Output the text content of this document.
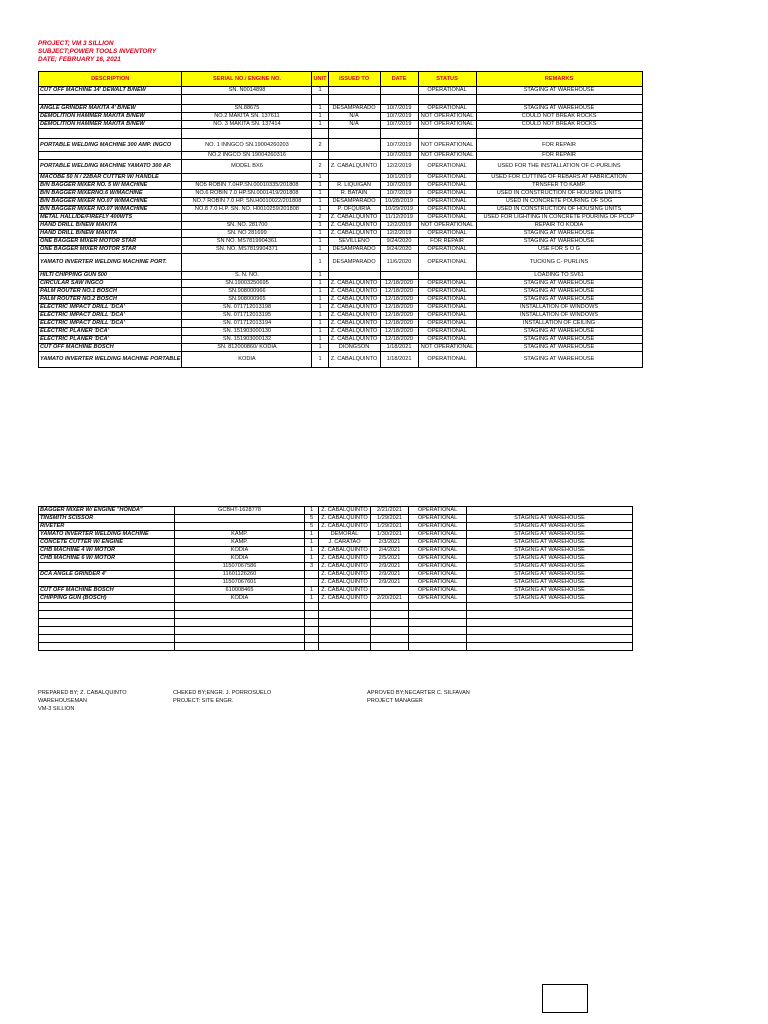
PROJECT; VM 3 SILLION
SUBJECT;POWER TOOLS INVENTORY
DATE; FEBRUARY 16, 2021
DESCRIPTION	SERIAL NO./ ENGINE NO.	UNIT	ISSUED TO	DATE	STATUS	REMARKS
CUT OFF MACHINE 14' DEWALT B/NEW	SN. N0014898	1			OPERATIONAL	STAGING AT WAREHOUSE

ANGLE GRINDER MAKITA 4' B/NEW	SN.88675	1	DESAMPARADO	10/7/2019	OPERATIONAL	STAGING AT WAREHOUSE
DEMOLITION HAMMER MAKITA B/NEW	NO.2 MAKITA SN. 137611	1	N/A	10/7/2019	NOT OPERATIONAL	COULD NOT BREAK ROCKS
DEMOLITION HAMMER MAKITA B/NEW	NO. 3 MAKITA SN. 137414	1	N/A	10/7/2019	NOT OPERATIONAL	COULD NOT BREAK ROCKS

PORTABLE WELDING MACHINE 300 AMP. INGCO	NO. 1 INNGCO SN.19004260203	2		10/7/2019	NOT OPERATIONAL	FOR REPAIR
	NO.2 INGCO SN 19004260316			10/7/2019	NOT OPERATIONAL	FOR REPAIR
PORTABLE WELDING MACHINE YAMATO 300 AP.	MODEL BX6	2	Z. CABALQUINTO	12/2/2019	OPERATIONAL	USED FOR THE INSTALLATION OF C-PURLINS
MACOBE 50 N / 22BAR CUTTER W/ HANDLE		1		10/1/2019	OPERATIONAL	USED FOR CUTTING OF REBARS AT FABRICATION
B/N BAGGER MIXER NO. 5 W/ MACHINE	NO5 ROBIN 7.0HP.SN.00010335/201808	1	R. LIQUIGAN	10/7/2019	OPERATIONAL	TRNSFER TO KAMP.
B/N BAGGER MIXERNO.6 W/MACHINE	NO.6 ROBIN 7.0 HP.SN.0001419/201808	1	R. BATAIN	10/7/2019	OPERATIONAL	USED IN CONSTRUCTION OF HOUSING UNITS
B/N BAGGER MIXER NO.07 W/MACHINE	NO.7 ROBIN 7.0 HP. SN.H0010022/201808	1	DESAMPARADO	10/28/2019	OPERATIONAL	USED IN CONCRETE POURING OF SOG
B/N BAGGER MIXER NO.07 W/MACHINE	NO.8 7.0 H.P. SN. NO. H0010259/201808	1	P. OFQUIRIA	10/29/2019	OPERATIONAL	USED IN CONSTRUCTION OF HOUSING UNITS
METAL HALLIDE/FIREFLY 400WTS		2	Z. CABALQUINTO	11/12/2019	OPERATIONAL	USED FOR LIGHTING IN CONCRETE POURING OF PCCP
HAND DRILL B/NEW MAKITA	SN. NO. 281700	1	Z. CABALQUINTO	12/2/2019	NOT OPERATIONAL	REPAIR TO KODIA
HAND DRILL B/NEW MAKITA	SN. NO 281699	1	Z. CABALQUINTO	12/2/2019	OPERATIONAL	STAGING AT WAREHOUSE
ONE BAGGER MIXER MOTOR STAR	SN NO. MS7819904361	1	SEVILLENO	9/24/2020	FOR REPAIR	STAGING AT WAREHOUSE
ONE BAGGER MIXER MOTOR STAR	SN. NO. MS7819904371	1	DESAMPARADO	9/24/2020	OPERATIONAL	USE FOR S O G
YAMATO INVERTER WELDING MACHINE PORT.		1	DESAMPARADO	11/6/2020	OPERATIONAL	TUCKING C- PURLINS
HILTI CHIPPING GUN 500	S. N. NO.	1				LOADING TO SV61
CIRCULAR SAW INGCO	SN.19003250695	1	Z. CABALQUINTO	12/18/2020	OPERATIONAL	STAGING AT WAREHOUSE
PALM ROUTER NO.1 BOSCH	SN.908000966	1	Z. CABALQUINTO	12/18/2020	OPERATIONAL	STAGING AT WAREHOUSE
PALM ROUTER NO.2 BOSCH	SN.908000965	1	Z. CABALQUINTO	12/18/2020	OPERATIONAL	STAGING AT WAREHOUSE
ELECTRIC IMPACT DRILL 'DCA'	SN. 071712013198	1	Z. CABALQUINTO	12/18/2020	OPERATIONAL	INSTALLATION OF WINDOWS
ELECTRIC IMPACT DRILL 'DCA'	SN. 071712013195	1	Z. CABALQUINTO	12/18/2020	OPERATIONAL	INSTALLATION OF WINDOWS
ELECTRIC IMPACT DRILL 'DCA'	SN. 071712013194	1	Z. CABALQUINTO	12/18/2020	OPERATIONAL	INSTALLATION OF CEILING
ELECTRIC PLANER 'DCA'	SN. 151903000130	1	Z. CABALQUINTO	12/18/2020	OPERATIONAL	STAGING AT WAREHOUSE
ELECTRIC PLANER 'DCA'	SN. 151903000132	1	Z. CABALQUINTO	12/18/2020	OPERATIONAL	STAGING AT WAREHOUSE
CUT OFF MACHINE BOSCH	SN. 812000860/ KODIA	1	DIONGSON	1/18/2021	NOT OPERATIONAL	STAGING AT WAREHOUSE
YAMATO INVERTER WELDING MACHINE PORTABLE	KODIA	1	Z. CABALQUINTO	1/18/2021	OPERATIONAL	STAGING AT WAREHOUSE
BAGGER MIXER W/ ENGINE "HONDA"	GCBHT-1628778	1	Z. CABALQUINTO	2/21/2021	OPERATIONAL	
TINSMITH SCISSOR		5	Z. CABALQUINTO	1/29/2021	OPERATIONAL	STAGING AT WAREHOUSE
RIVETER		5	Z. CABALQUINTO	1/29/2021	OPERATIONAL	STAGING AT WAREHOUSE
YAMATO INVERTER WELDING MACHINE	KAMP.	1	DEMORAL	1/30/2021	OPERATIONAL	STAGING AT WAREHOUSE
CONCETE CUTTER W/ ENGINE	KAMP.	1	J. CARATAO	2/3/2021	OPERATIONAL	STAGING AT WAREHOUSE
CHB MACHINE 4 W/ MOTOR	KODIA	1	Z. CABALQUINTO	2/4/2021	OPERATIONAL	STAGING AT WAREHOUSE
CHB MACHINE 6 W/ MOTOR	KODIA	1	Z. CABALQUINTO	2/5/2021	OPERATIONAL	STAGING AT WAREHOUSE
	11507067586	3	Z. CABALQUINTO	2/9/2021	OPERATIONAL	STAGING AT WAREHOUSE
DCA ANGLE GRINDER 4'	11601126260		Z. CABALQUINTO	2/9/2021	OPERATIONAL	STAGING AT WAREHOUSE
	11507067601		Z. CABALQUINTO	2/9/2021	OPERATIONAL	STAGING AT WAREHOUSE
CUT OFF MACHINE BOSCH	610008465	1	Z. CABALQUINTO		OPERATIONAL	STAGING AT WAREHOUSE
CHIPPING GUN (BOSCH)	KODIA	1	Z. CABALQUINTO	2/20/2021	OPERATIONAL	STAGING AT WAREHOUSE

PREPARED BY; Z. CABALQUINTO
WAREHOUSEMAN
VM-3 SILLION
CHEKED BY;ENGR. J. PORROSUELO
PROJECT: SITE ENGR.
APROVED BY;NECARTER C. SILFAVAN
PROJECT MANAGER
